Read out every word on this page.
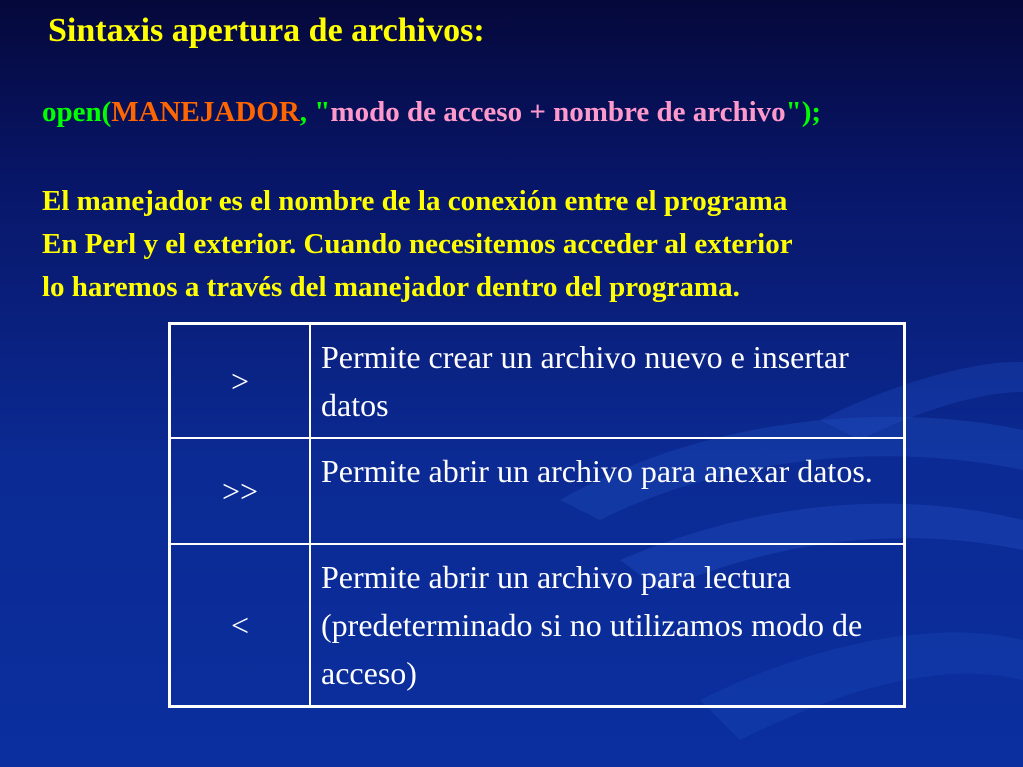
Sintaxis apertura de archivos:

open(MANEJADOR, "modo de acceso + nombre de archivo");

El manejador es el nombre de la conexión entre el programa
En Perl y el exterior. Cuando necesitemos acceder al exterior
lo haremos a través del manejador dentro del programa.
>	Permite crear un archivo nuevo e insertar datos
>>	Permite abrir un archivo para anexar datos.
<	Permite abrir un archivo para lectura (predeterminado si no utilizamos modo de acceso)
